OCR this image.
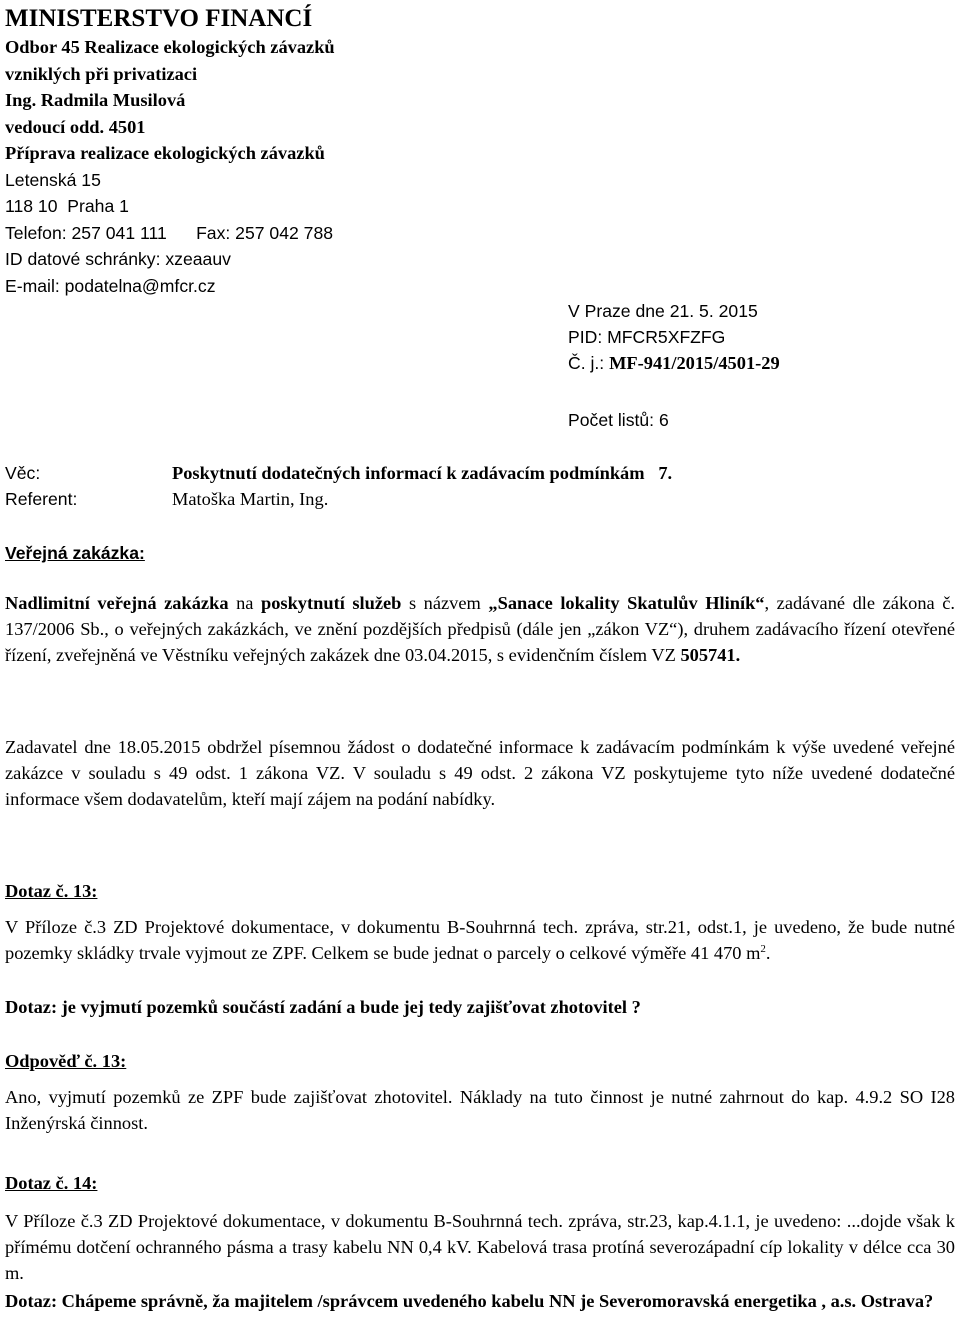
MINISTERSTVO FINANCÍ
Odbor 45 Realizace ekologických závazků
vzniklých při privatizaci
Ing. Radmila Musilová
vedoucí odd. 4501
Příprava realizace ekologických závazků
Letenská 15
118 10  Praha 1
Telefon: 257 041 111      Fax: 257 042 788
ID datové schránky: xzeaauv
E-mail: podatelna@mfcr.cz
V Praze dne 21. 5. 2015
PID: MFCR5XFZFG
Č. j.: MF-941/2015/4501-29
Počet listů: 6
Věc:	Poskytnutí dodatečných informací k zadávacím podmínkám   7.
Referent:	Matoška Martin, Ing.
Veřejná zakázka:
Nadlimitní veřejná zakázka na poskytnutí služeb s názvem „Sanace lokality Skatulův Hliník“, zadávané dle zákona č. 137/2006 Sb., o veřejných zakázkách, ve znění pozdějších předpisů (dále jen „zákon VZ“), druhem zadávacího řízení otevřené řízení, zveřejněná ve Věstníku veřejných zakázek dne 03.04.2015, s evidenčním číslem VZ 505741.
Zadavatel dne 18.05.2015 obdržel písemnou žádost o dodatečné informace k zadávacím podmínkám k výše uvedené veřejné zakázce v souladu s 49 odst. 1 zákona VZ. V souladu s 49 odst. 2 zákona VZ poskytujeme tyto níže uvedené dodatečné informace všem dodavatelům, kteří mají zájem na podání nabídky.
Dotaz č. 13:
V Příloze č.3 ZD Projektové dokumentace, v dokumentu B-Souhrnná tech. zpráva, str.21, odst.1, je uvedeno, že bude nutné pozemky skládky trvale vyjmout ze ZPF. Celkem se bude jednat o parcely o celkové výměře 41 470 $m^2$.
Dotaz: je vyjmutí pozemků součástí zadání a bude jej tedy zajišťovat zhotovitel ?
Odpověď č. 13:
Ano, vyjmutí pozemků ze ZPF bude zajišťovat zhotovitel. Náklady na tuto činnost je nutné zahrnout do kap. 4.9.2 SO I28 Inženýrská činnost.
Dotaz č. 14:
V Příloze č.3 ZD Projektové dokumentace, v dokumentu B-Souhrnná tech. zpráva, str.23, kap.4.1.1, je uvedeno: ...dojde však k přímému dotčení ochranného pásma a trasy kabelu NN 0,4 kV. Kabelová trasa protíná severozápadní cíp lokality v délce cca 30 m.
Dotaz: Chápeme správně, ža majitelem /správcem uvedeného kabelu NN je Severomoravská energetika , a.s. Ostrava?
